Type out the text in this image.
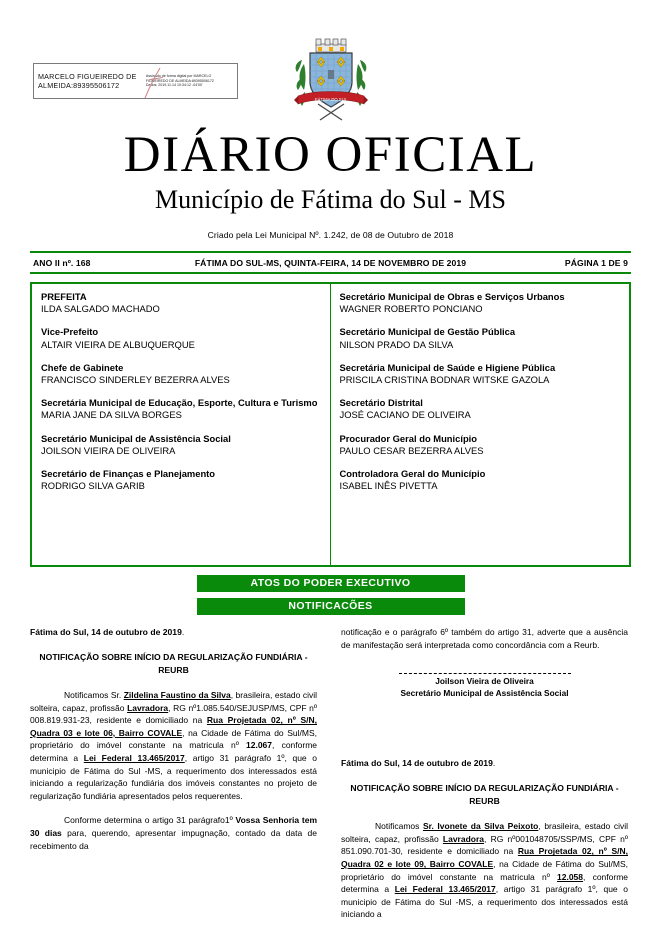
MARCELO FIGUEIREDO DE
ALMEIDA:89395506172
Assinado de forma digital por MARCELO
FIGUEIREDO DE ALMEIDA:89395506172
Dados: 2019.11.14 10:34:12 -04'00'
FÁTIMA DO SUL
DIÁRIO OFICIAL
Município de Fátima do Sul - MS
Criado pela Lei Municipal Nº. 1.242, de 08 de Outubro de 2018
ANO II nº. 168	FÁTIMA DO SUL-MS, QUINTA-FEIRA, 14 DE NOVEMBRO DE 2019	PÁGINA 1 DE 9
PREFEITA
ILDA SALGADO MACHADO
Vice-Prefeito
ALTAIR VIEIRA DE ALBUQUERQUE
Chefe de Gabinete
FRANCISCO SINDERLEY BEZERRA ALVES
Secretária Municipal de Educação, Esporte, Cultura e Turismo
MARIA JANE DA SILVA BORGES
Secretário Municipal de Assistência Social
JOILSON VIEIRA DE OLIVEIRA
Secretário de Finanças e Planejamento
RODRIGO SILVA GARIB
Secretário Municipal de Obras e Serviços Urbanos
WAGNER ROBERTO PONCIANO
Secretário Municipal de Gestão Pública
NILSON PRADO DA SILVA
Secretária Municipal de Saúde e Higiene Pública
PRISCILA CRISTINA BODNAR WITSKE GAZOLA
Secretário Distrital
JOSÉ CACIANO DE OLIVEIRA
Procurador Geral do Município
PAULO CESAR BEZERRA ALVES
Controladora Geral do Município
ISABEL INÊS PIVETTA
ATOS DO PODER EXECUTIVO
NOTIFICACÕES
Fátima do Sul, 14 de outubro de 2019.
NOTIFICAÇÃO SOBRE INÍCIO DA REGULARIZAÇÃO FUNDIÁRIA - REURB
Notificamos Sr. Zildelina Faustino da Silva, brasileira, estado civil solteira, capaz, profissão Lavradora, RG nº1.085.540/SEJUSP/MS, CPF nº 008.819.931-23, residente e domiciliado na Rua Projetada 02, nº S/N, Quadra 03 e lote 06, Bairro COVALE, na Cidade de Fátima do Sul/MS, proprietário do imóvel constante na matricula nº 12.067, conforme determina a Lei Federal 13.465/2017, artigo 31 parágrafo 1º, que o municipio de Fátima do Sul -MS, a requerimento dos interessados está iniciando a regularização fundiária dos imóveis constantes no projeto de regularização fundiária apresentados pelos requerentes.
Conforme determina o artigo 31 parágrafo1º Vossa Senhoria tem 30 dias para, querendo, apresentar impugnação, contado da data de recebimento da
notificação e o parágrafo 6º também do artigo 31, adverte que a ausência de manifestação será interpretada como concordância com a Reurb.
Joilson Vieira de Oliveira
Secretário Municipal de Assistência Social
Fátima do Sul, 14 de outubro de 2019.
NOTIFICAÇÃO SOBRE INÍCIO DA REGULARIZAÇÃO FUNDIÁRIA - REURB
Notificamos Sr. Ivonete da Silva Peixoto, brasileira, estado civil solteira, capaz, profissão Lavradora, RG nº001048705/SSP/MS, CPF nº 851.090.701-30, residente e domiciliado na Rua Projetada 02, nº S/N, Quadra 02 e lote 09, Bairro COVALE, na Cidade de Fátima do Sul/MS, proprietário do imóvel constante na matricula nº 12.058, conforme determina a Lei Federal 13.465/2017, artigo 31 parágrafo 1º, que o municipio de Fátima do Sul -MS, a requerimento dos interessados está iniciando a
